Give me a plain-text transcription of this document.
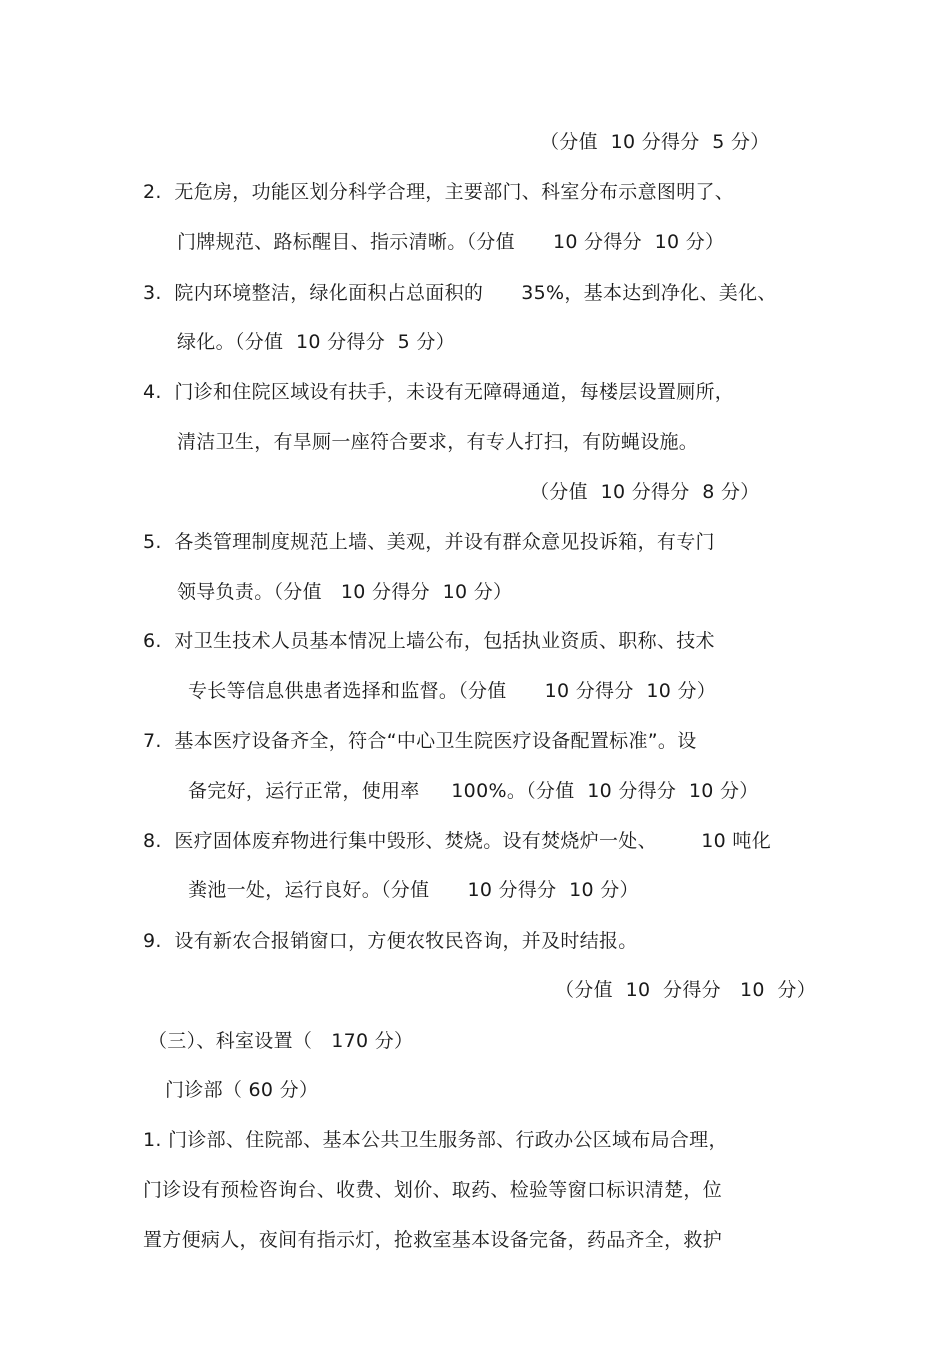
（分值  10 分得分  5 分）
2.  无危房，功能区划分科学合理，主要部门、科室分布示意图明了、
门牌规范、路标醒目、指示清晰。（分值      10 分得分  10 分）
3.  院内环境整洁，绿化面积占总面积的      35%，基本达到净化、美化、
绿化。（分值  10 分得分  5 分）
4.  门诊和住院区域设有扶手，未设有无障碍通道，每楼层设置厕所，
清洁卫生，有旱厕一座符合要求，有专人打扫，有防蝇设施。
（分值  10 分得分  8 分）
5.  各类管理制度规范上墙、美观，并设有群众意见投诉箱，有专门
领导负责。（分值   10 分得分  10 分）
6.  对卫生技术人员基本情况上墙公布，包括执业资质、职称、技术
专长等信息供患者选择和监督。（分值      10 分得分  10 分）
7.  基本医疗设备齐全，符合“中心卫生院医疗设备配置标准”。设
备完好，运行正常，使用率     100%。（分值  10 分得分  10 分）
8.  医疗固体废弃物进行集中毁形、焚烧。设有焚烧炉一处、       10 吨化
粪池一处，运行良好。（分值      10 分得分  10 分）
9.  设有新农合报销窗口，方便农牧民咨询，并及时结报。
（分值  10  分得分   10  分）
（三）、科室设置（   170 分）
门诊部（ 60 分）
1. 门诊部、住院部、基本公共卫生服务部、行政办公区域布局合理，
门诊设有预检咨询台、收费、划价、取药、检验等窗口标识清楚，位
置方便病人，夜间有指示灯，抢救室基本设备完备，药品齐全，救护
